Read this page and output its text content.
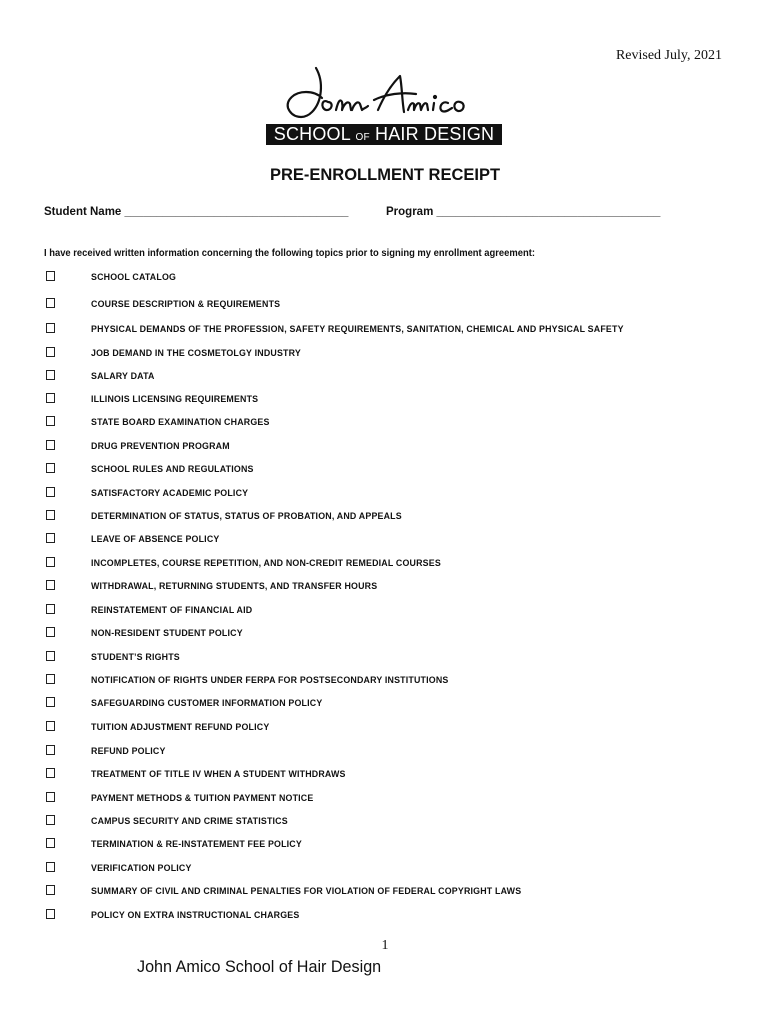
Revised July, 2021
SCHOOL OF HAIR DESIGN
PRE-ENROLLMENT RECEIPT
Student Name ___________________________________	Program ___________________________________
I have received written information concerning the following topics prior to signing my enrollment agreement:
SCHOOL CATALOG
COURSE DESCRIPTION & REQUIREMENTS
PHYSICAL DEMANDS OF THE PROFESSION, SAFETY REQUIREMENTS, SANITATION, CHEMICAL AND PHYSICAL SAFETY
JOB DEMAND IN THE COSMETOLGY INDUSTRY
SALARY DATA
ILLINOIS LICENSING REQUIREMENTS
STATE BOARD EXAMINATION CHARGES
DRUG PREVENTION PROGRAM
SCHOOL RULES AND REGULATIONS
SATISFACTORY ACADEMIC POLICY
DETERMINATION OF STATUS, STATUS OF PROBATION, AND APPEALS
LEAVE OF ABSENCE POLICY
INCOMPLETES, COURSE REPETITION, AND NON-CREDIT REMEDIAL COURSES
WITHDRAWAL, RETURNING STUDENTS, AND TRANSFER HOURS
REINSTATEMENT OF FINANCIAL AID
NON-RESIDENT STUDENT POLICY
STUDENT’S RIGHTS
NOTIFICATION OF RIGHTS UNDER FERPA FOR POSTSECONDARY INSTITUTIONS
SAFEGUARDING CUSTOMER INFORMATION POLICY
TUITION ADJUSTMENT REFUND POLICY
REFUND POLICY
TREATMENT OF TITLE IV WHEN A STUDENT WITHDRAWS
PAYMENT METHODS & TUITION PAYMENT NOTICE
CAMPUS SECURITY AND CRIME STATISTICS
TERMINATION & RE-INSTATEMENT FEE POLICY
VERIFICATION POLICY
SUMMARY OF CIVIL AND CRIMINAL PENALTIES FOR VIOLATION OF FEDERAL COPYRIGHT LAWS
POLICY ON EXTRA INSTRUCTIONAL CHARGES
1
John Amico School of Hair Design
